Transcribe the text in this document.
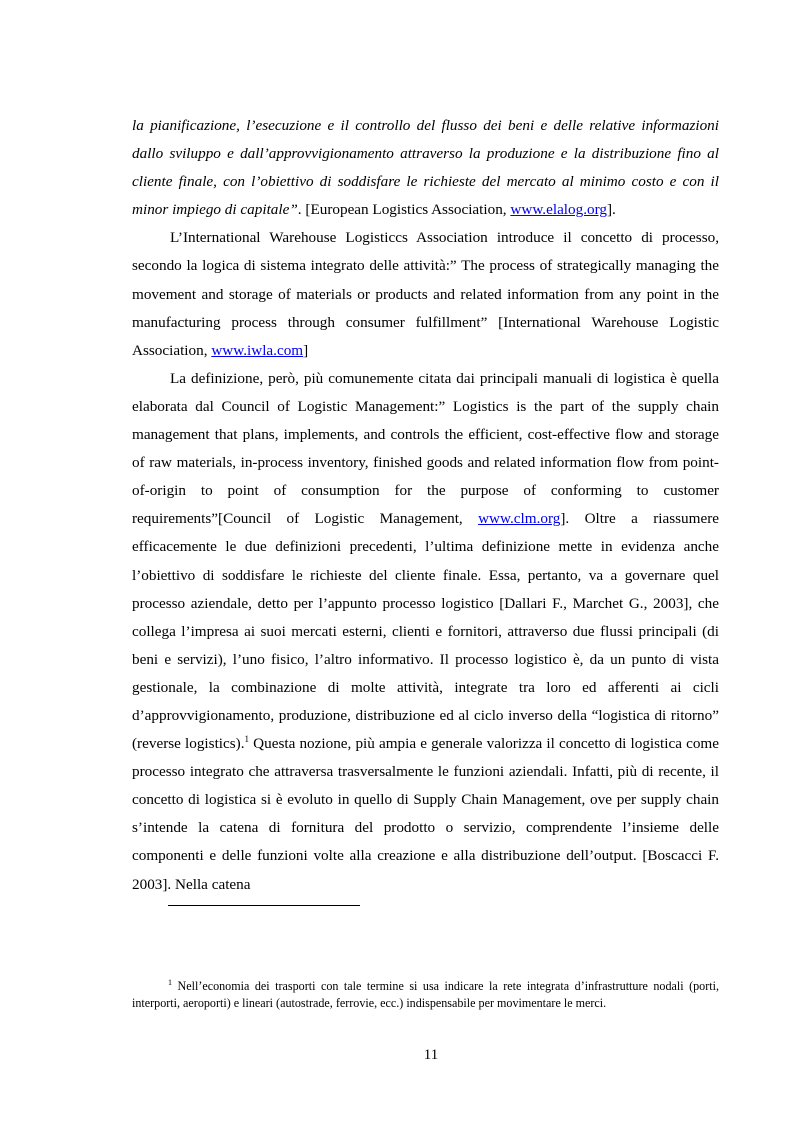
la pianificazione, l’esecuzione e il controllo del flusso dei beni e delle relative informazioni dallo sviluppo e dall’approvvigionamento attraverso la produzione e la distribuzione fino al cliente finale, con l’obiettivo di soddisfare le richieste del mercato al minimo costo e con il minor impiego di capitale”. [European Logistics Association, www.elalog.org].

L’International Warehouse Logisticcs Association introduce il concetto di processo, secondo la logica di sistema integrato delle attività:” The process of strategically managing the movement and storage of materials or products and related information from any point in the manufacturing process through consumer fulfillment” [International Warehouse Logistic Association, www.iwla.com]

La definizione, però, più comunemente citata dai principali manuali di logistica è quella elaborata dal Council of Logistic Management:” Logistics is the part of the supply chain management that plans, implements, and controls the efficient, cost-effective flow and storage of raw materials, in-process inventory, finished goods and related information flow from point-of-origin to point of consumption for the purpose of conforming to customer requirements”[Council of Logistic Management, www.clm.org]. Oltre a riassumere efficacemente le due definizioni precedenti, l’ultima definizione mette in evidenza anche l’obiettivo di soddisfare le richieste del cliente finale. Essa, pertanto, va a governare quel processo aziendale, detto per l’appunto processo logistico [Dallari F., Marchet G., 2003], che collega l’impresa ai suoi mercati esterni, clienti e fornitori, attraverso due flussi principali (di beni e servizi), l’uno fisico, l’altro informativo. Il processo logistico è, da un punto di vista gestionale, la combinazione di molte attività, integrate tra loro ed afferenti ai cicli d’approvvigionamento, produzione, distribuzione ed al ciclo inverso della “logistica di ritorno” (reverse logistics).$^1$ Questa nozione, più ampia e generale valorizza il concetto di logistica come processo integrato che attraversa trasversalmente le funzioni aziendali. Infatti, più di recente, il concetto di logistica si è evoluto in quello di Supply Chain Management, ove per supply chain s’intende la catena di fornitura del prodotto o servizio, comprendente l’insieme delle componenti e delle funzioni volte alla creazione e alla distribuzione dell’output. [Boscacci F. 2003]. Nella catena

$^1$ Nell’economia dei trasporti con tale termine si usa indicare la rete integrata d’infrastrutture nodali (porti, interporti, aeroporti) e lineari (autostrade, ferrovie, ecc.) indispensabile per movimentare le merci.

11
